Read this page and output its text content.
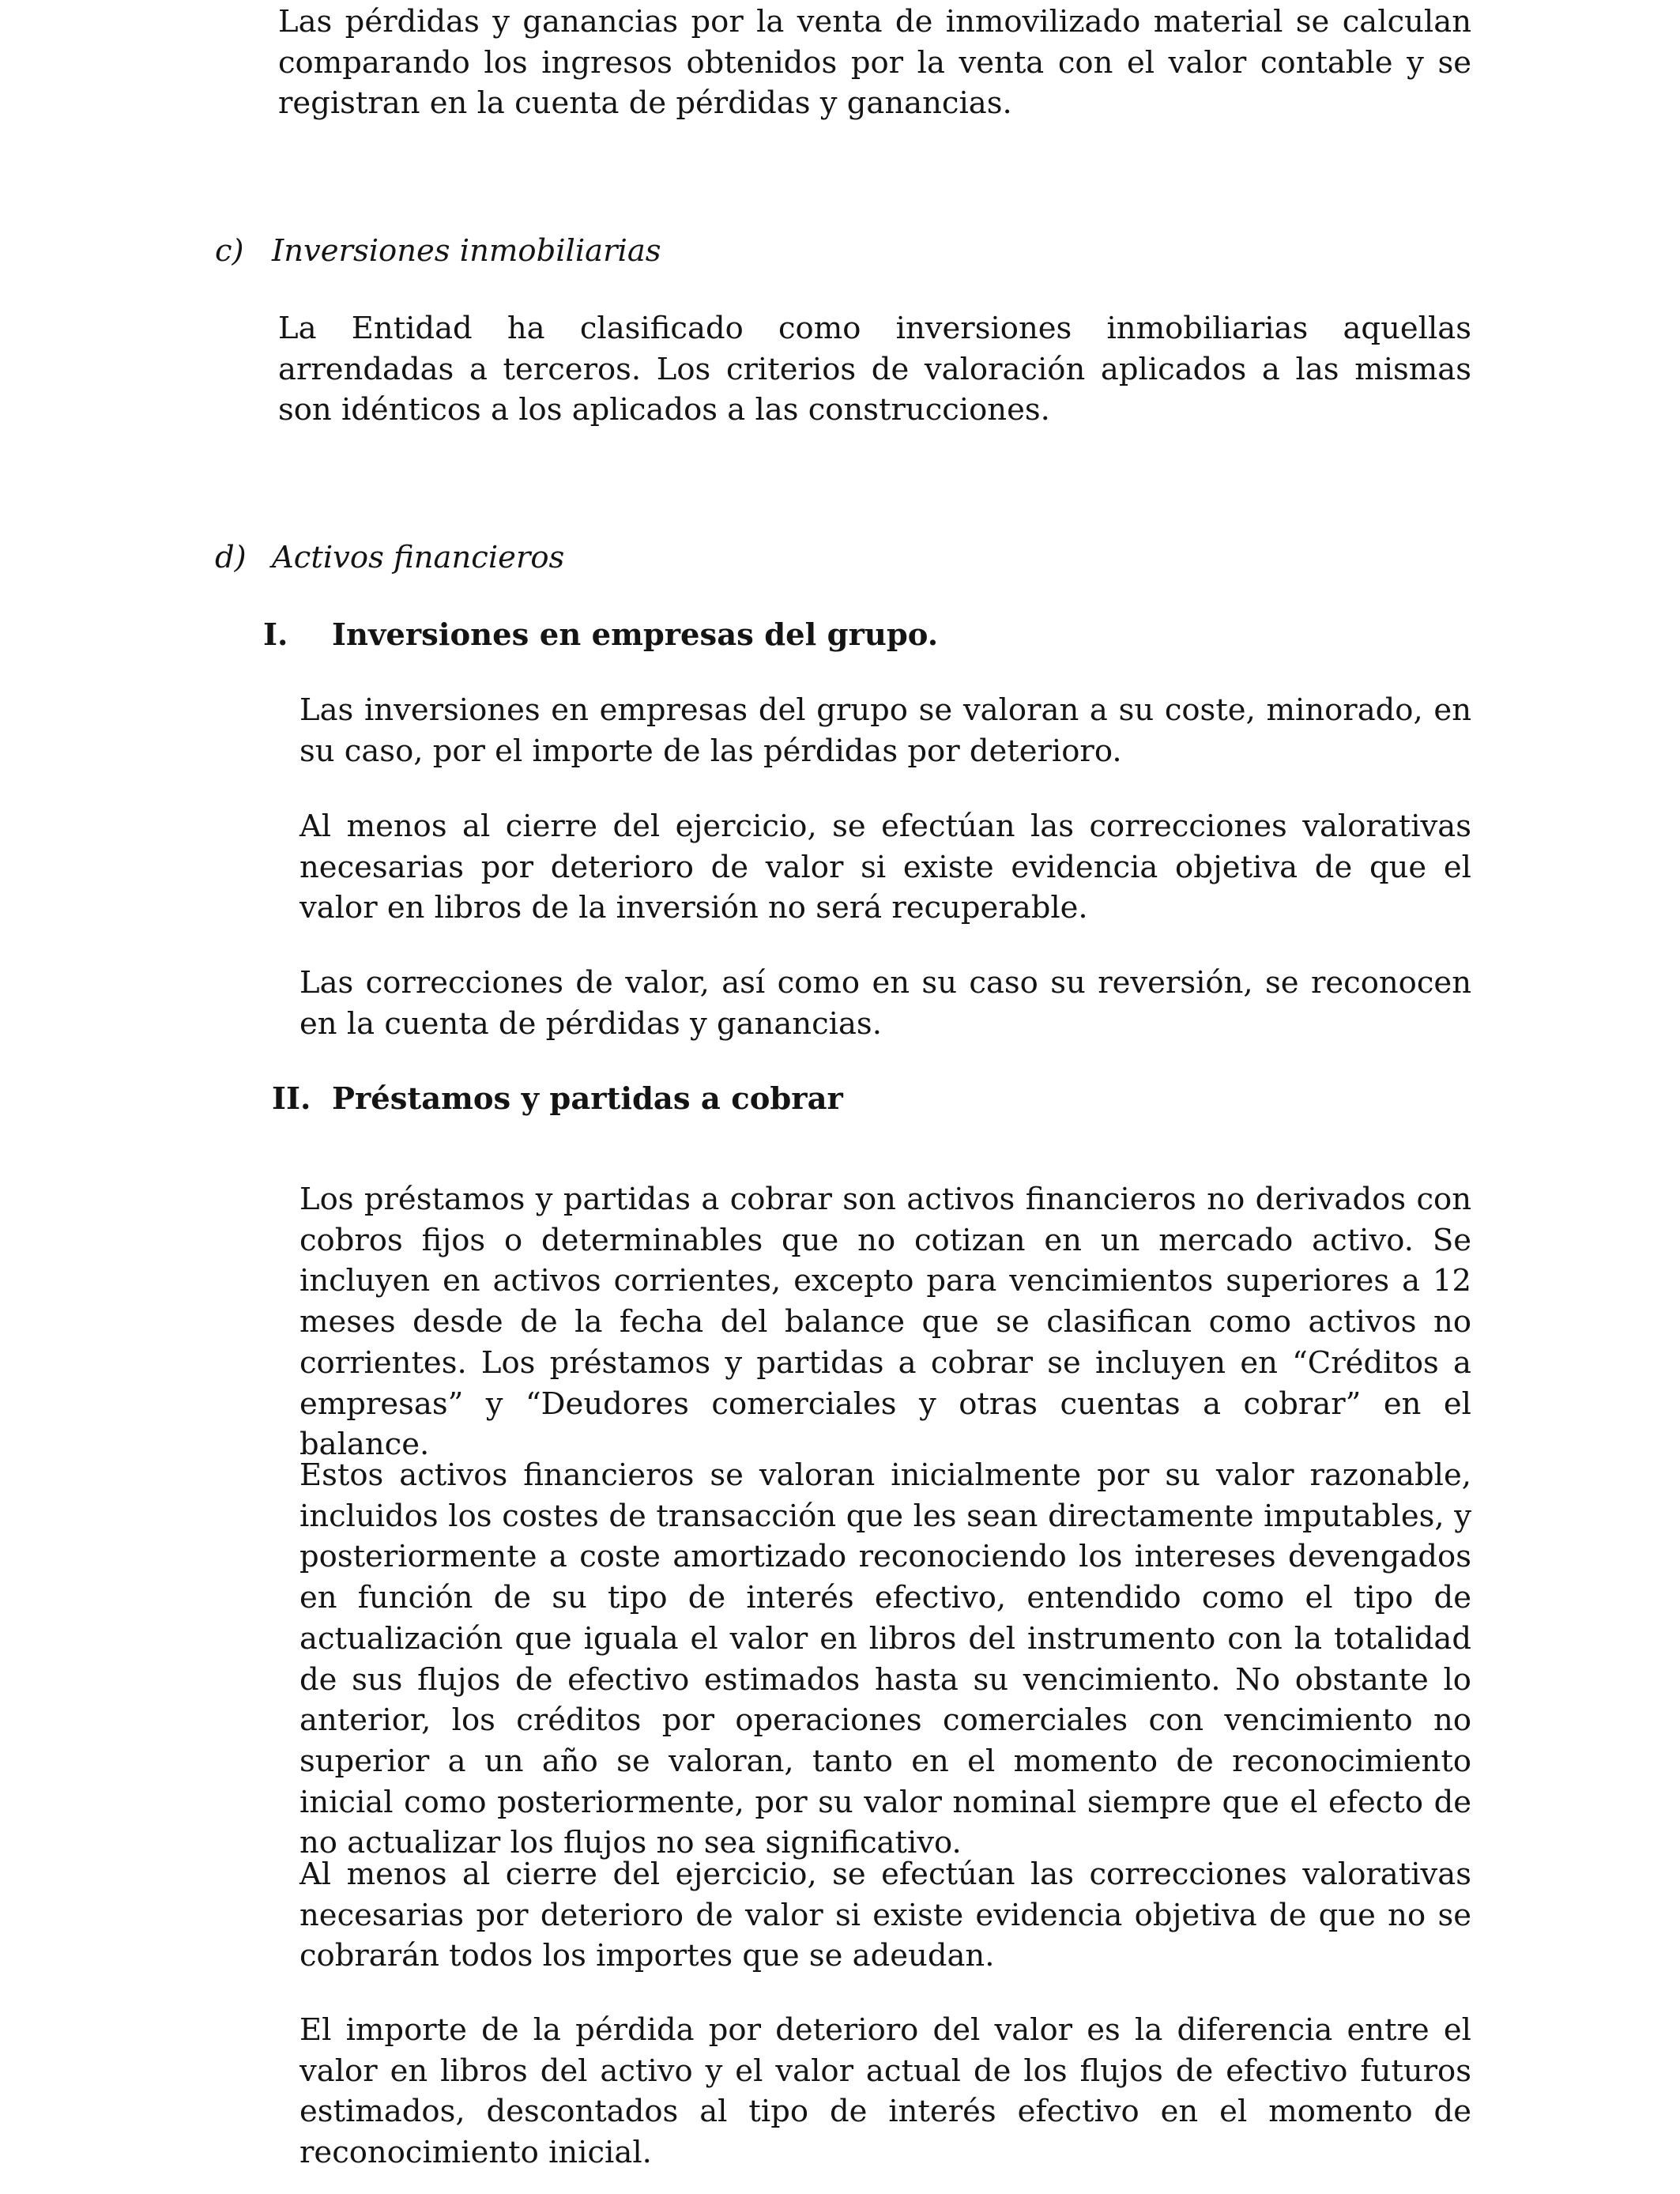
Las pérdidas y ganancias por la venta de inmovilizado material se calculan comparando los ingresos obtenidos por la venta con el valor contable y se registran en la cuenta de pérdidas y ganancias.

c) Inversiones inmobiliarias

La Entidad ha clasificado como inversiones inmobiliarias aquellas arrendadas a terceros. Los criterios de valoración aplicados a las mismas son idénticos a los aplicados a las construcciones.

d) Activos financieros
I. Inversiones en empresas del grupo.

Las inversiones en empresas del grupo se valoran a su coste, minorado, en su caso, por el importe de las pérdidas por deterioro.

Al menos al cierre del ejercicio, se efectúan las correcciones valorativas necesarias por deterioro de valor si existe evidencia objetiva de que el valor en libros de la inversión no será recuperable.

Las correcciones de valor, así como en su caso su reversión, se reconocen en la cuenta de pérdidas y ganancias.

II. Préstamos y partidas a cobrar

Los préstamos y partidas a cobrar son activos financieros no derivados con cobros fijos o determinables que no cotizan en un mercado activo. Se incluyen en activos corrientes, excepto para vencimientos superiores a 12 meses desde de la fecha del balance que se clasifican como activos no corrientes. Los préstamos y partidas a cobrar se incluyen en “Créditos a empresas” y “Deudores comerciales y otras cuentas a cobrar” en el balance.

Estos activos financieros se valoran inicialmente por su valor razonable, incluidos los costes de transacción que les sean directamente imputables, y posteriormente a coste amortizado reconociendo los intereses devengados en función de su tipo de interés efectivo, entendido como el tipo de actualización que iguala el valor en libros del instrumento con la totalidad de sus flujos de efectivo estimados hasta su vencimiento. No obstante lo anterior, los créditos por operaciones comerciales con vencimiento no superior a un año se valoran, tanto en el momento de reconocimiento inicial como posteriormente, por su valor nominal siempre que el efecto de no actualizar los flujos no sea significativo.

Al menos al cierre del ejercicio, se efectúan las correcciones valorativas necesarias por deterioro de valor si existe evidencia objetiva de que no se cobrarán todos los importes que se adeudan.

El importe de la pérdida por deterioro del valor es la diferencia entre el valor en libros del activo y el valor actual de los flujos de efectivo futuros estimados, descontados al tipo de interés efectivo en el momento de reconocimiento inicial.
